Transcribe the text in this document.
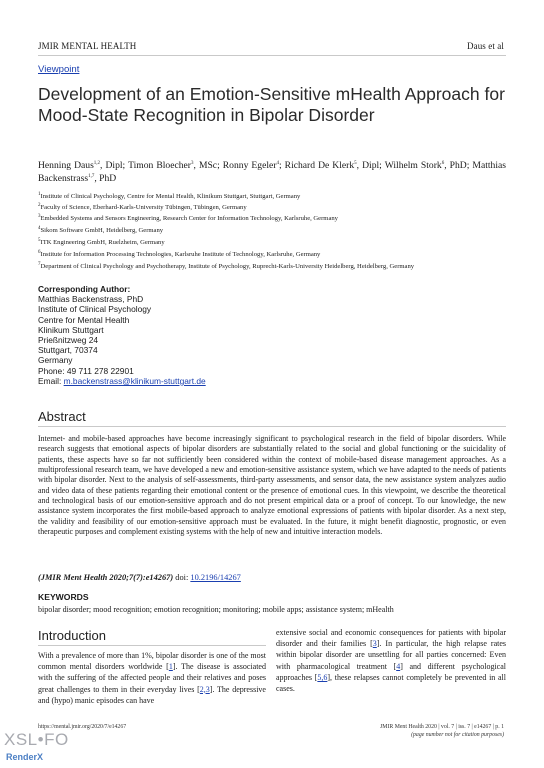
JMIR MENTAL HEALTH	Daus et al
Viewpoint
Development of an Emotion-Sensitive mHealth Approach for Mood-State Recognition in Bipolar Disorder
Henning Daus$^{1,2}$, Dipl; Timon Bloecher$^3$, MSc; Ronny Egeler$^4$; Richard De Klerk$^5$, Dipl; Wilhelm Stork$^6$, PhD; Matthias Backenstrass$^{1,7}$, PhD
$^1$Institute of Clinical Psychology, Centre for Mental Health, Klinikum Stuttgart, Stuttgart, Germany
$^2$Faculty of Science, Eberhard-Karls-University Tübingen, Tübingen, Germany
$^3$Embedded Systems and Sensors Engineering, Research Center for Information Technology, Karlsruhe, Germany
$^4$Sikom Software GmbH, Heidelberg, Germany
$^5$ITK Engineering GmbH, Ruelzheim, Germany
$^6$Institute for Information Processing Technologies, Karlsruhe Institute of Technology, Karlsruhe, Germany
$^7$Department of Clinical Psychology and Psychotherapy, Institute of Psychology, Ruprecht-Karls-University Heidelberg, Heidelberg, Germany
Corresponding Author:
Matthias Backenstrass, PhD
Institute of Clinical Psychology
Centre for Mental Health
Klinikum Stuttgart
Prießnitzweg 24
Stuttgart, 70374
Germany
Phone: 49 711 278 22901
Email: m.backenstrass@klinikum-stuttgart.de
Abstract
Internet- and mobile-based approaches have become increasingly significant to psychological research in the field of bipolar disorders. While research suggests that emotional aspects of bipolar disorders are substantially related to the social and global functioning or the suicidality of patients, these aspects have so far not sufficiently been considered within the context of mobile-based disease management approaches. As a multiprofessional research team, we have developed a new and emotion-sensitive assistance system, which we have adapted to the needs of patients with bipolar disorder. Next to the analysis of self-assessments, third-party assessments, and sensor data, the new assistance system analyzes audio and video data of these patients regarding their emotional content or the presence of emotional cues. In this viewpoint, we describe the theoretical and technological basis of our emotion-sensitive approach and do not present empirical data or a proof of concept. To our knowledge, the new assistance system incorporates the first mobile-based approach to analyze emotional expressions of patients with bipolar disorder. As a next step, the validity and feasibility of our emotion-sensitive approach must be evaluated. In the future, it might benefit diagnostic, prognostic, or even therapeutic purposes and complement existing systems with the help of new and intuitive interaction models.
(JMIR Ment Health 2020;7(7):e14267) doi: 10.2196/14267
KEYWORDS
bipolar disorder; mood recognition; emotion recognition; monitoring; mobile apps; assistance system; mHealth
Introduction
With a prevalence of more than 1%, bipolar disorder is one of the most common mental disorders worldwide [1]. The disease is associated with the suffering of the affected people and their relatives and poses great challenges to them in their everyday lives [2,3]. The depressive and (hypo) manic episodes can have
extensive social and economic consequences for patients with bipolar disorder and their families [3]. In particular, the high relapse rates within bipolar disorder are unsettling for all parties concerned: Even with pharmacological treatment [4] and different psychological approaches [5,6], these relapses cannot completely be prevented in all cases.
https://mental.jmir.org/2020/7/e14267	JMIR Ment Health 2020 | vol. 7 | iss. 7 | e14267 | p. 1
(page number not for citation purposes)
XSL•FO
RenderX
